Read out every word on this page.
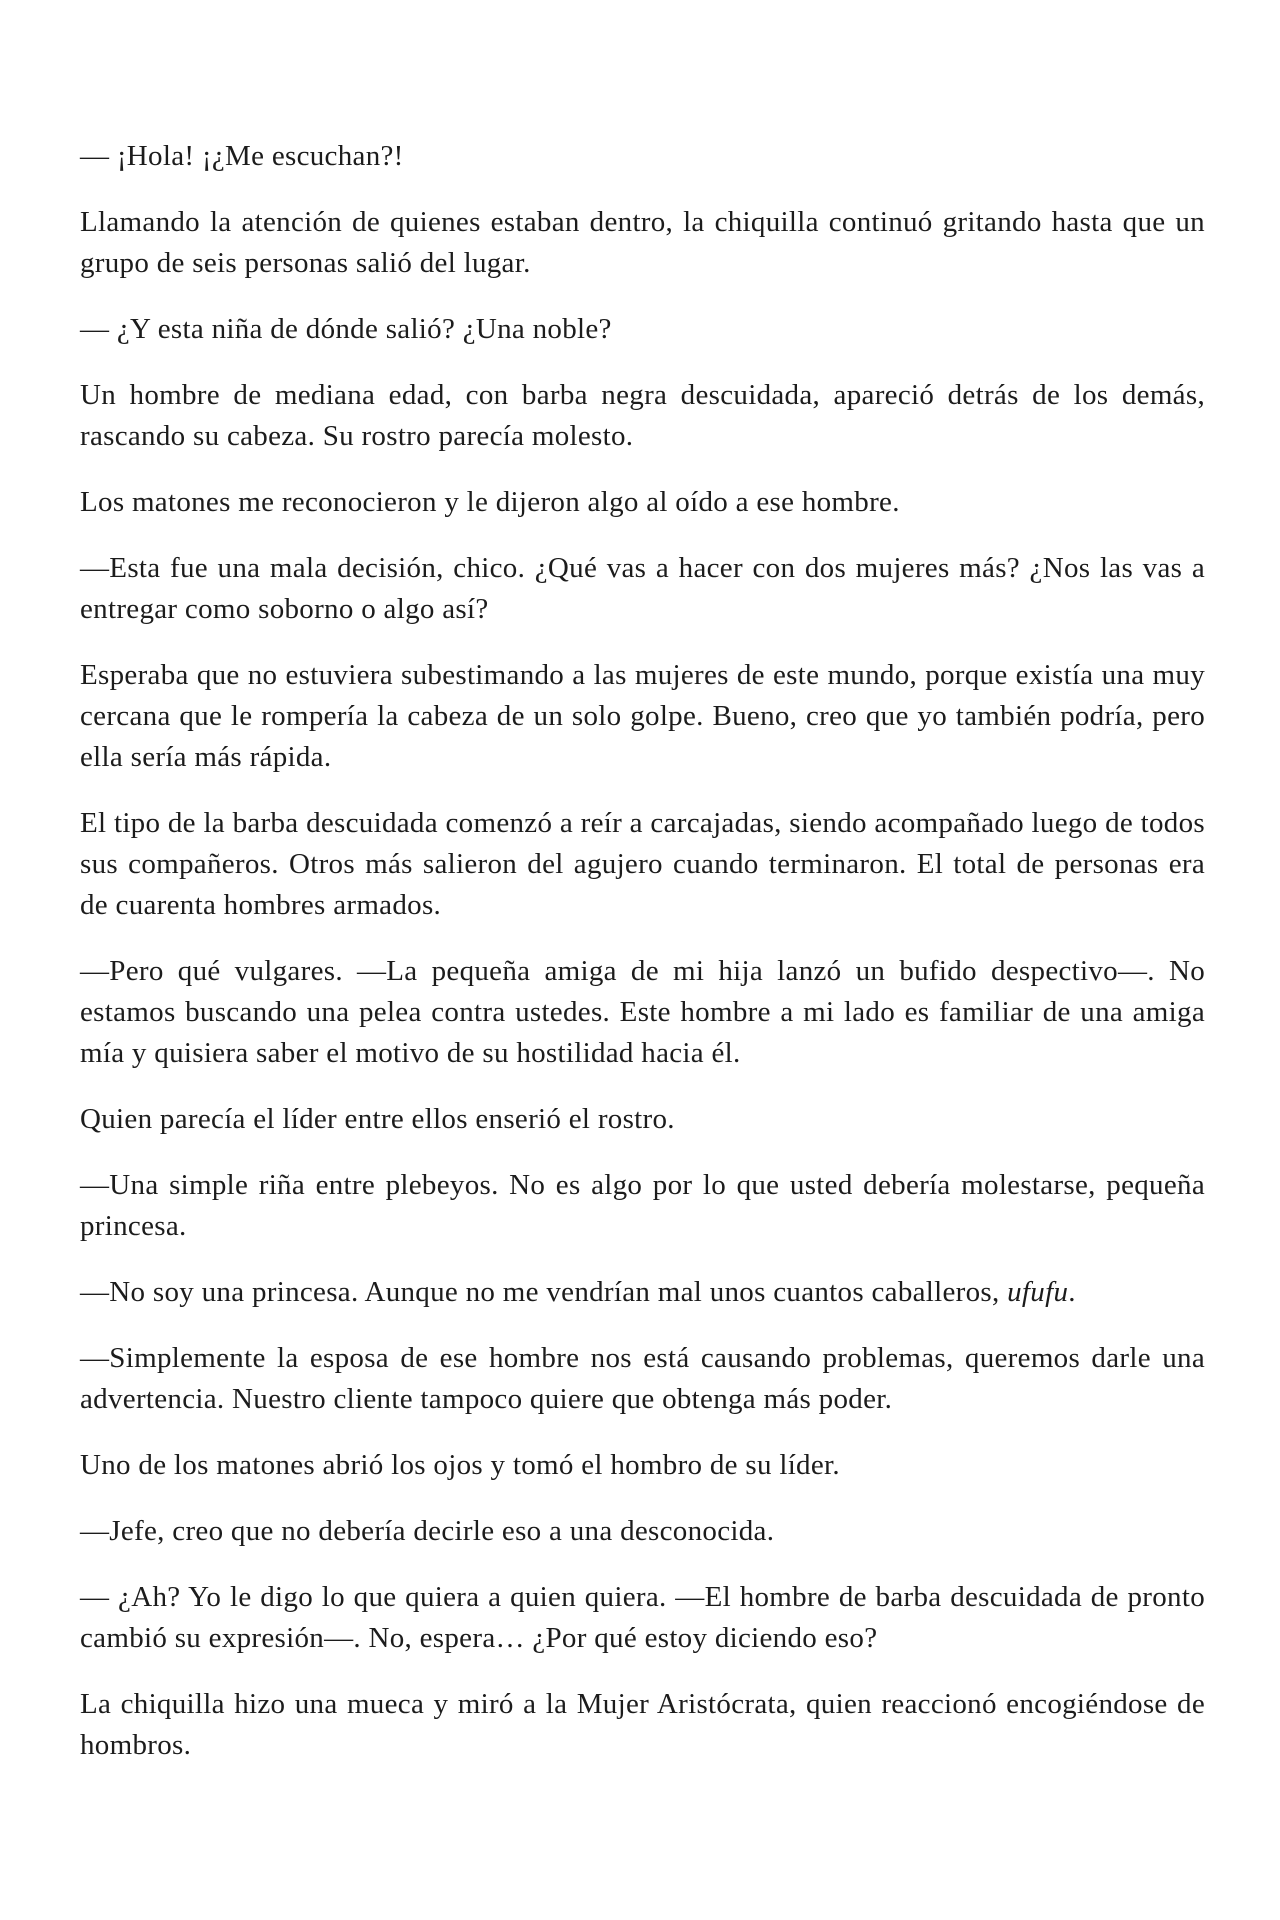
— ¡Hola! ¡¿Me escuchan?!

Llamando la atención de quienes estaban dentro, la chiquilla continuó gritando hasta que un grupo de seis personas salió del lugar.

— ¿Y esta niña de dónde salió? ¿Una noble?

Un hombre de mediana edad, con barba negra descuidada, apareció detrás de los demás, rascando su cabeza. Su rostro parecía molesto.

Los matones me reconocieron y le dijeron algo al oído a ese hombre.

—Esta fue una mala decisión, chico. ¿Qué vas a hacer con dos mujeres más? ¿Nos las vas a entregar como soborno o algo así?

Esperaba que no estuviera subestimando a las mujeres de este mundo, porque existía una muy cercana que le rompería la cabeza de un solo golpe. Bueno, creo que yo también podría, pero ella sería más rápida.

El tipo de la barba descuidada comenzó a reír a carcajadas, siendo acompañado luego de todos sus compañeros. Otros más salieron del agujero cuando terminaron. El total de personas era de cuarenta hombres armados.

—Pero qué vulgares. —La pequeña amiga de mi hija lanzó un bufido despectivo—. No estamos buscando una pelea contra ustedes. Este hombre a mi lado es familiar de una amiga mía y quisiera saber el motivo de su hostilidad hacia él.

Quien parecía el líder entre ellos enserió el rostro.

—Una simple riña entre plebeyos. No es algo por lo que usted debería molestarse, pequeña princesa.

—No soy una princesa. Aunque no me vendrían mal unos cuantos caballeros, ufufu.

—Simplemente la esposa de ese hombre nos está causando problemas, queremos darle una advertencia. Nuestro cliente tampoco quiere que obtenga más poder.

Uno de los matones abrió los ojos y tomó el hombro de su líder.

—Jefe, creo que no debería decirle eso a una desconocida.

— ¿Ah? Yo le digo lo que quiera a quien quiera. —El hombre de barba descuidada de pronto cambió su expresión—. No, espera… ¿Por qué estoy diciendo eso?

La chiquilla hizo una mueca y miró a la Mujer Aristócrata, quien reaccionó encogiéndose de hombros.
